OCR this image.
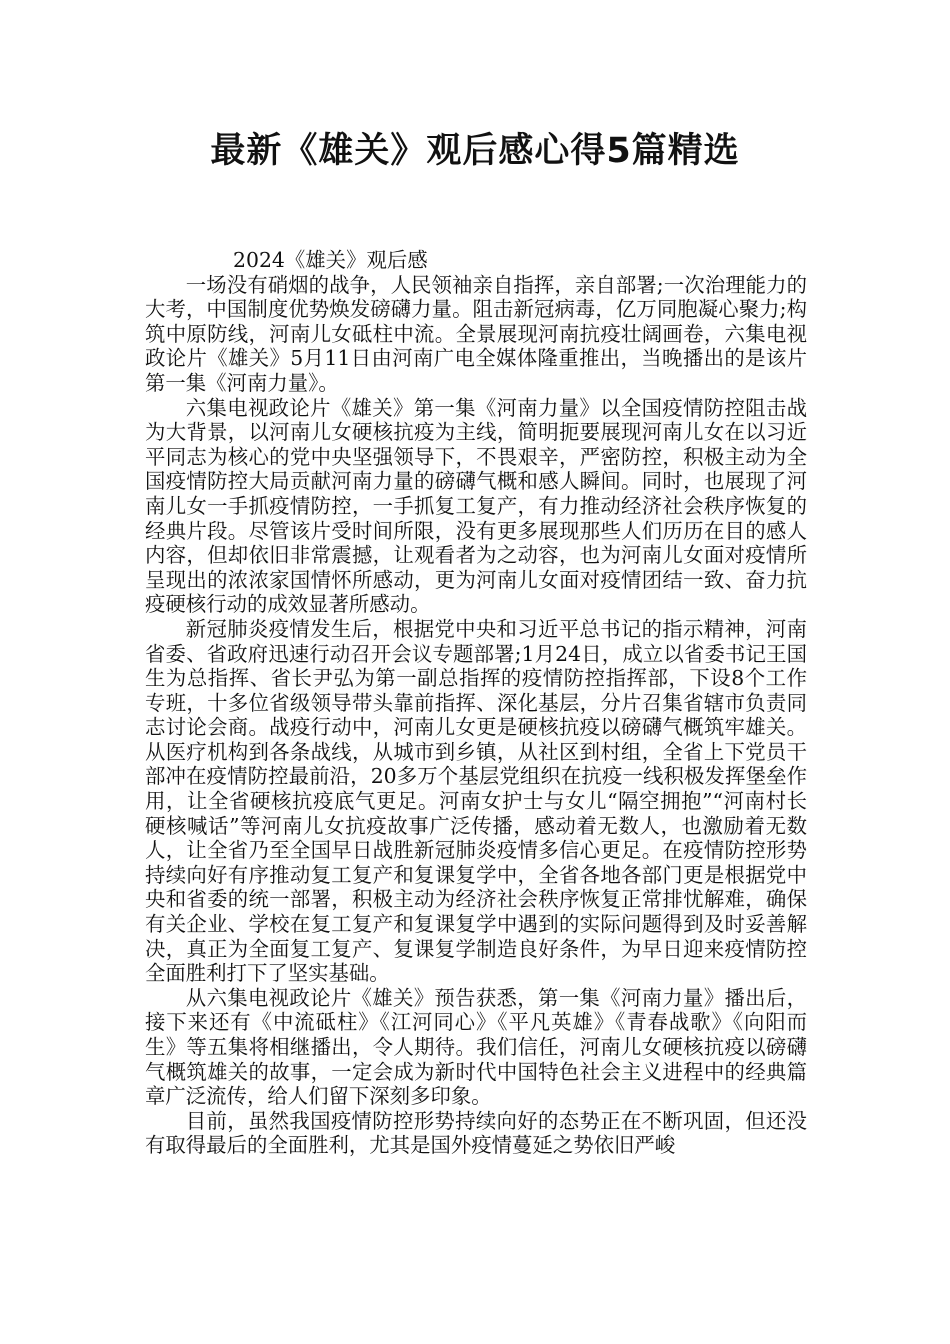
最新《雄关》观后感心得5篇精选
2024《雄关》观后感

一场没有硝烟的战争，人民领袖亲自指挥，亲自部署;一次治理能力的大考，中国制度优势焕发磅礴力量。阻击新冠病毒，亿万同胞凝心聚力;构筑中原防线，河南儿女砥柱中流。全景展现河南抗疫壮阔画卷，六集电视政论片《雄关》5月11日由河南广电全媒体隆重推出，当晚播出的是该片第一集《河南力量》。

六集电视政论片《雄关》第一集《河南力量》以全国疫情防控阻击战为大背景，以河南儿女硬核抗疫为主线，简明扼要展现河南儿女在以习近平同志为核心的党中央坚强领导下，不畏艰辛，严密防控，积极主动为全国疫情防控大局贡献河南力量的磅礴气概和感人瞬间。同时，也展现了河南儿女一手抓疫情防控，一手抓复工复产，有力推动经济社会秩序恢复的经典片段。尽管该片受时间所限，没有更多展现那些人们历历在目的感人内容，但却依旧非常震撼，让观看者为之动容，也为河南儿女面对疫情所呈现出的浓浓家国情怀所感动，更为河南儿女面对疫情团结一致、奋力抗疫硬核行动的成效显著所感动。

新冠肺炎疫情发生后，根据党中央和习近平总书记的指示精神，河南省委、省政府迅速行动召开会议专题部署;1月24日，成立以省委书记王国生为总指挥、省长尹弘为第一副总指挥的疫情防控指挥部，下设8个工作专班，十多位省级领导带头靠前指挥、深化基层，分片召集省辖市负责同志讨论会商。战疫行动中，河南儿女更是硬核抗疫以磅礴气概筑牢雄关。从医疗机构到各条战线，从城市到乡镇，从社区到村组，全省上下党员干部冲在疫情防控最前沿，20多万个基层党组织在抗疫一线积极发挥堡垒作用，让全省硬核抗疫底气更足。河南女护士与女儿“隔空拥抱”“河南村长硬核喊话”等河南儿女抗疫故事广泛传播，感动着无数人，也激励着无数人，让全省乃至全国早日战胜新冠肺炎疫情多信心更足。在疫情防控形势持续向好有序推动复工复产和复课复学中，全省各地各部门更是根据党中央和省委的统一部署，积极主动为经济社会秩序恢复正常排忧解难，确保有关企业、学校在复工复产和复课复学中遇到的实际问题得到及时妥善解决，真正为全面复工复产、复课复学制造良好条件，为早日迎来疫情防控全面胜利打下了坚实基础。

从六集电视政论片《雄关》预告获悉，第一集《河南力量》播出后，接下来还有《中流砥柱》《江河同心》《平凡英雄》《青春战歌》《向阳而生》等五集将相继播出，令人期待。我们信任，河南儿女硬核抗疫以磅礴气概筑雄关的故事，一定会成为新时代中国特色社会主义进程中的经典篇章广泛流传，给人们留下深刻多印象。

目前，虽然我国疫情防控形势持续向好的态势正在不断巩固，但还没有取得最后的全面胜利，尤其是国外疫情蔓延之势依旧严峻
